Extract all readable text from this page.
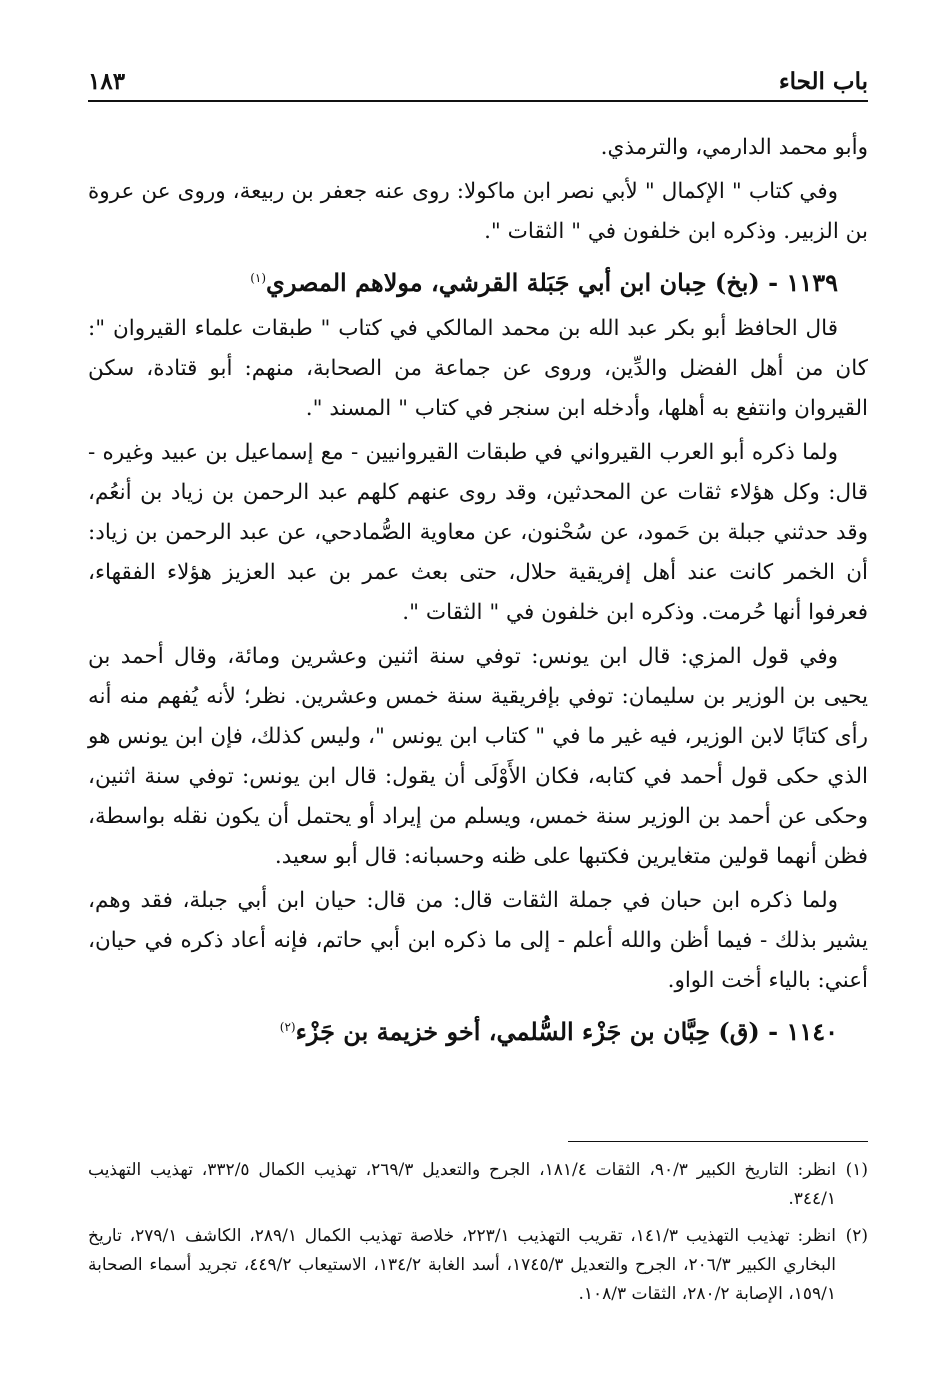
باب الحاء
١٨٣

وأبو محمد الدارمي، والترمذي.

وفي كتاب " الإكمال " لأبي نصر ابن ماكولا: روى عنه جعفر بن ربيعة، وروى عن عروة بن الزبير. وذكره ابن خلفون في " الثقات ".

١١٣٩ - (بخ) حِبان ابن أبي جَبَلة القرشي، مولاهم المصري$^{(١)}$

قال الحافظ أبو بكر عبد الله بن محمد المالكي في كتاب " طبقات علماء القيروان ": كان من أهل الفضل والدِّين، وروى عن جماعة من الصحابة، منهم: أبو قتادة، سكن القيروان وانتفع به أهلها، وأدخله ابن سنجر في كتاب " المسند ".

ولما ذكره أبو العرب القيرواني في طبقات القيروانيين - مع إسماعيل بن عبيد وغيره - قال: وكل هؤلاء ثقات عن المحدثين، وقد روى عنهم كلهم عبد الرحمن بن زياد بن أنعُم، وقد حدثني جبلة بن حَمود، عن سُحْنون، عن معاوية الصُّمادحي، عن عبد الرحمن بن زياد: أن الخمر كانت عند أهل إفريقية حلال، حتى بعث عمر بن عبد العزيز هؤلاء الفقهاء، فعرفوا أنها حُرمت. وذكره ابن خلفون في " الثقات ".

وفي قول المزي: قال ابن يونس: توفي سنة اثنين وعشرين ومائة، وقال أحمد بن يحيى بن الوزير بن سليمان: توفي بإفريقية سنة خمس وعشرين. نظر؛ لأنه يُفهم منه أنه رأى كتابًا لابن الوزير، فيه غير ما في " كتاب ابن يونس "، وليس كذلك، فإن ابن يونس هو الذي حكى قول أحمد في كتابه، فكان الأَوْلَى أن يقول: قال ابن يونس: توفي سنة اثنين، وحكى عن أحمد بن الوزير سنة خمس، ويسلم من إيراد أو يحتمل أن يكون نقله بواسطة، فظن أنهما قولين متغايرين فكتبها على ظنه وحسبانه: قال أبو سعيد.

ولما ذكره ابن حبان في جملة الثقات قال: من قال: حيان ابن أبي جبلة، فقد وهم، يشير بذلك - فيما أظن والله أعلم - إلى ما ذكره ابن أبي حاتم، فإنه أعاد ذكره في حيان، أعني: بالياء أخت الواو.

١١٤٠ - (ق) حِبَّان بن جَزْء السُّلمي، أخو خزيمة بن جَزْء$^{(٢)}$

(١)انظر: التاريخ الكبير ٩٠/٣، الثقات ١٨١/٤، الجرح والتعديل ٢٦٩/٣، تهذيب الكمال ٣٣٢/٥، تهذيب التهذيب ٣٤٤/١.

(٢)انظر: تهذيب التهذيب ١٤١/٣، تقريب التهذيب ٢٢٣/١، خلاصة تهذيب الكمال ٢٨٩/١، الكاشف ٢٧٩/١، تاريخ البخاري الكبير ٢٠٦/٣، الجرح والتعديل ١٧٤٥/٣، أسد الغابة ١٣٤/٢، الاستيعاب ٤٤٩/٢، تجريد أسماء الصحابة ١٥٩/١، الإصابة ٢٨٠/٢، الثقات ١٠٨/٣.
